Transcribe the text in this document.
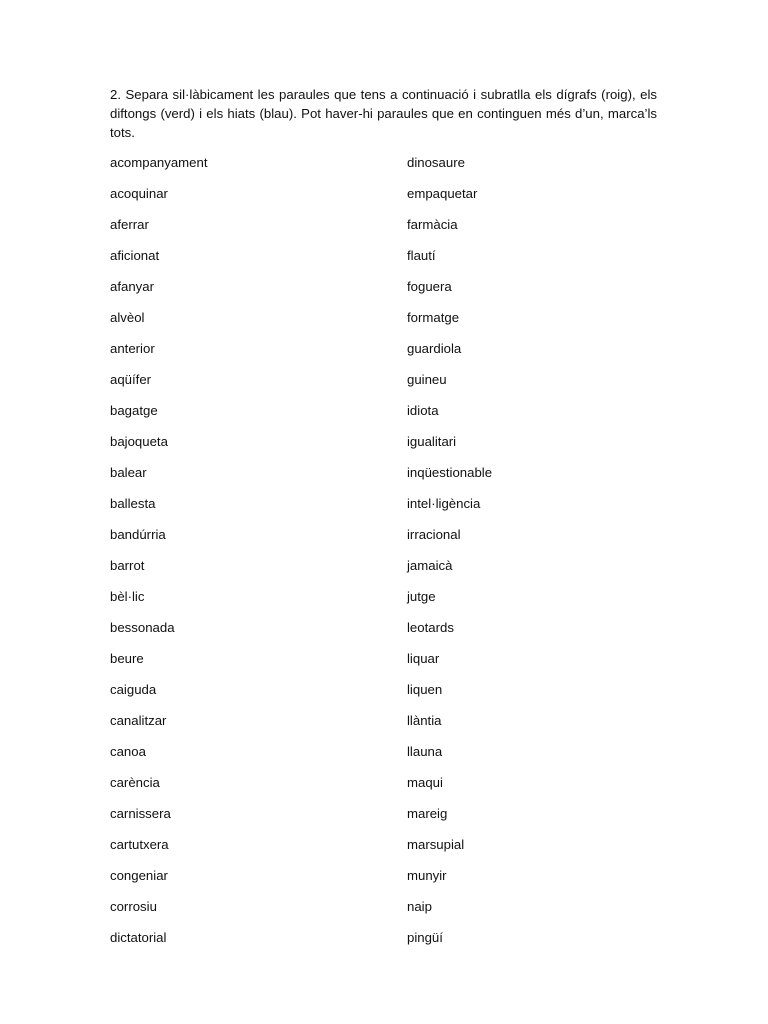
2. Separa sil·làbicament les paraules que tens a continuació i subratlla els dígrafs (roig), els diftongs (verd) i els hiats (blau). Pot haver-hi paraules que en continguen més d’un, marca’ls tots.

acompanyament
acoquinar
aferrar
aficionat
afanyar
alvèol
anterior
aqüífer
bagatge
bajoqueta
balear
ballesta
bandúrria
barrot
bèl·lic
bessonada
beure
caiguda
canalitzar
canoa
carència
carnissera
cartutxera
congeniar
corrosiu
dictatorial
dinosaure
empaquetar
farmàcia
flautí
foguera
formatge
guardiola
guineu
idiota
igualitari
inqüestionable
intel·ligència
irracional
jamaicà
jutge
leotards
liquar
liquen
llàntia
llauna
maqui
mareig
marsupial
munyir
naip
pingüí
